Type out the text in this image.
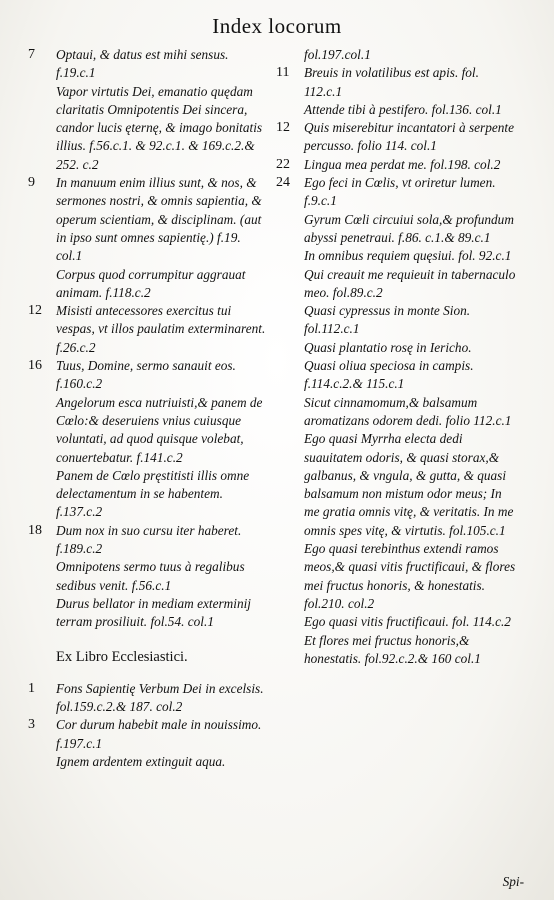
Index locorum
7	Optaui, & datus est mihi sensus. f.19.c.1
Vapor virtutis Dei, emanatio quędam claritatis Omnipotentis Dei sincera, candor lucis ęternę, & imago bonitatis illius. f.56.c.1. & 92.c.1. & 169.c.2.& 252. c.2
9	In manuum enim illius sunt, & nos, & sermones nostri, & omnis sapientia, & operum scientiam, & disciplinam. (aut in ipso sunt omnes sapientię.) f.19. col.1
Corpus quod corrumpitur aggrauat animam. f.118.c.2
12	Misisti antecessores exercitus tui vespas, vt illos paulatim exterminarent. f.26.c.2
16	Tuus, Domine, sermo sanauit eos. f.160.c.2
Angelorum esca nutriuisti,& panem de Cœlo:& deseruiens vnius cuiusque voluntati, ad quod quisque volebat, conuertebatur. f.141.c.2
Panem de Cœlo pręstitisti illis omne delectamentum in se habentem. f.137.c.2
18	Dum nox in suo cursu iter haberet. f.189.c.2
Omnipotens sermo tuus à regalibus sedibus venit. f.56.c.1
Durus bellator in mediam exterminij terram prosiliuit. fol.54. col.1
Ex Libro Ecclesiastici.
1	Fons Sapientię Verbum Dei in excelsis. fol.159.c.2.& 187. col.2
3	Cor durum habebit male in nouissimo. f.197.c.1
Ignem ardentem extinguit aqua.
fol.197.col.1
11	Breuis in volatilibus est apis. fol. 112.c.1
Attende tibi à pestifero. fol.136. col.1
12	Quis miserebitur incantatori à serpente percusso. folio 114. col.1
22	Lingua mea perdat me. fol.198. col.2
24	Ego feci in Cœlis, vt oriretur lumen. f.9.c.1
Gyrum Cœli circuiui sola,& profundum abyssi penetraui. f.86. c.1.& 89.c.1
In omnibus requiem quęsiui. fol. 92.c.1
Qui creauit me requieuit in tabernaculo meo. fol.89.c.2
Quasi cypressus in monte Sion. fol.112.c.1
Quasi plantatio rosę in Iericho.
Quasi oliua speciosa in campis. f.114.c.2.& 115.c.1
Sicut cinnamomum,& balsamum aromatizans odorem dedi. folio 112.c.1
Ego quasi Myrrha electa dedi suauitatem odoris, & quasi storax,& galbanus, & vngula, & gutta, & quasi balsamum non mistum odor meus; In me gratia omnis vitę, & veritatis. In me omnis spes vitę, & virtutis. fol.105.c.1
Ego quasi terebinthus extendi ramos meos,& quasi vitis fructificaui, & flores mei fructus honoris, & honestatis. fol.210. col.2
Ego quasi vitis fructificaui. fol. 114.c.2
Et flores mei fructus honoris,& honestatis. fol.92.c.2.& 160 col.1
Spi-
